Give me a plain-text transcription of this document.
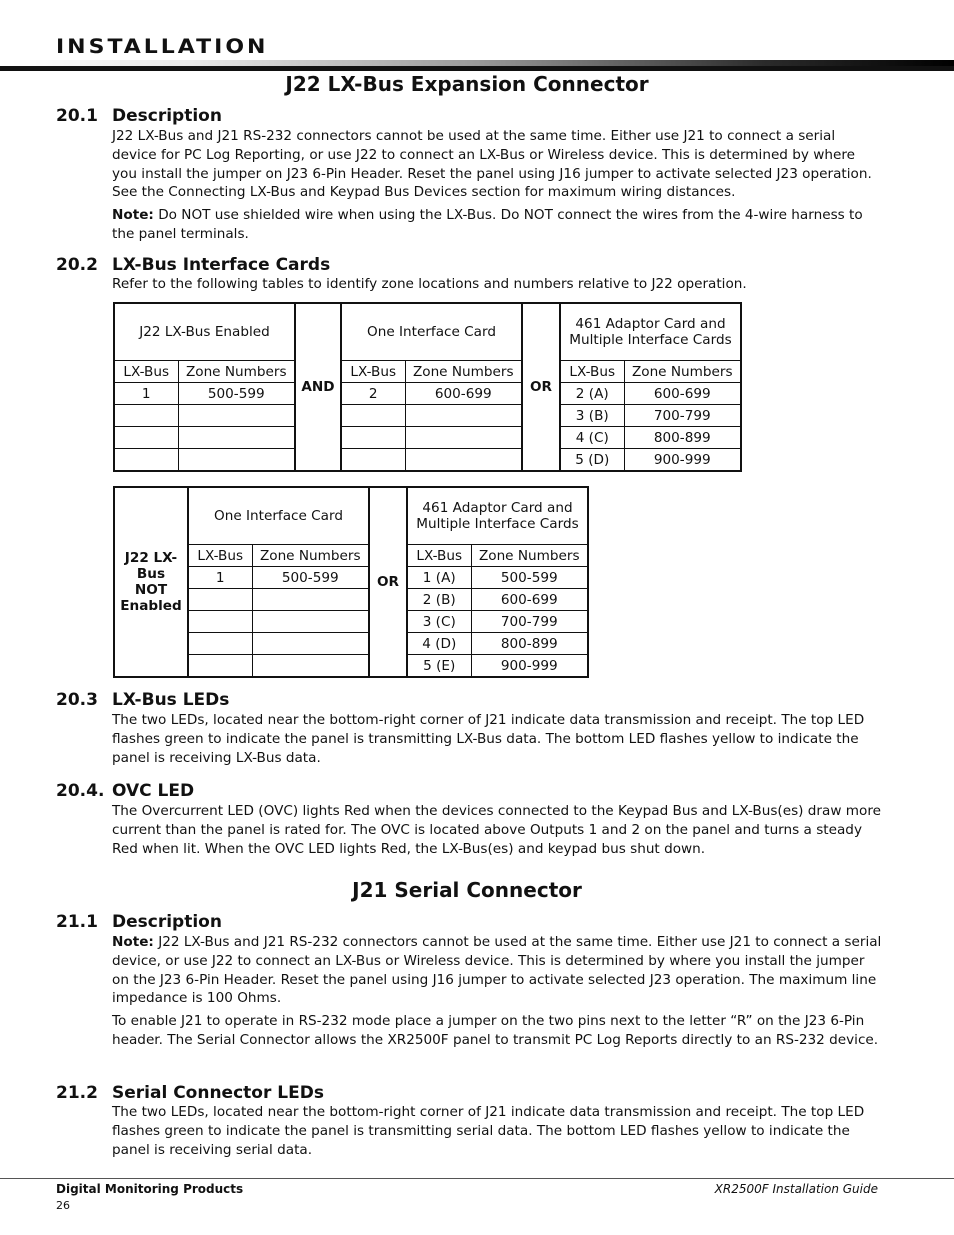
INSTALLATION
J22 LX-Bus Expansion Connector
20.1 Description
J22 LX-Bus and J21 RS-232 connectors cannot be used at the same time. Either use J21 to connect a serial device for PC Log Reporting, or use J22 to connect an LX-Bus or Wireless device. This is determined by where you install the jumper on J23 6-Pin Header. Reset the panel using J16 jumper to activate selected J23 operation. See the Connecting LX-Bus and Keypad Bus Devices section for maximum wiring distances.
Note: Do NOT use shielded wire when using the LX-Bus. Do NOT connect the wires from the 4-wire harness to the panel terminals.
20.2 LX-Bus Interface Cards
Refer to the following tables to identify zone locations and numbers relative to J22 operation.
J22 LX-Bus Enabled		AND	One Interface Card		OR	461 Adaptor Card and Multiple Interface Cards	
LX-Bus	Zone Numbers		LX-Bus	Zone Numbers		LX-Bus	Zone Numbers
1	500-599		2	600-699		2 (A)	600-699
						3 (B)	700-799
						4 (C)	800-899
						5 (D)	900-999
J22 LX-Bus NOT Enabled	One Interface Card		OR	461 Adaptor Card and Multiple Interface Cards	
	LX-Bus	Zone Numbers		LX-Bus	Zone Numbers
	1	500-599		1 (A)	500-599
				2 (B)	600-699
				3 (C)	700-799
				4 (D)	800-899
				5 (E)	900-999
20.3 LX-Bus LEDs
The two LEDs, located near the bottom-right corner of J21 indicate data transmission and receipt. The top LED flashes green to indicate the panel is transmitting LX-Bus data. The bottom LED flashes yellow to indicate the panel is receiving LX-Bus data.
20.4. OVC LED
The Overcurrent LED (OVC) lights Red when the devices connected to the Keypad Bus and LX-Bus(es) draw more current than the panel is rated for. The OVC is located above Outputs 1 and 2 on the panel and turns a steady Red when lit. When the OVC LED lights Red, the LX-Bus(es) and keypad bus shut down.
J21 Serial Connector
21.1 Description
Note: J22 LX-Bus and J21 RS-232 connectors cannot be used at the same time. Either use J21 to connect a serial device, or use J22 to connect an LX-Bus or Wireless device. This is determined by where you install the jumper on the J23 6-Pin Header. Reset the panel using J16 jumper to activate selected J23 operation. The maximum line impedance is 100 Ohms.
To enable J21 to operate in RS-232 mode place a jumper on the two pins next to the letter “R” on the J23 6-Pin header. The Serial Connector allows the XR2500F panel to transmit PC Log Reports directly to an RS-232 device.
21.2 Serial Connector LEDs
The two LEDs, located near the bottom-right corner of J21 indicate data transmission and receipt. The top LED flashes green to indicate the panel is transmitting serial data. The bottom LED flashes yellow to indicate the panel is receiving serial data.
Digital Monitoring Products
26
XR2500F Installation Guide
